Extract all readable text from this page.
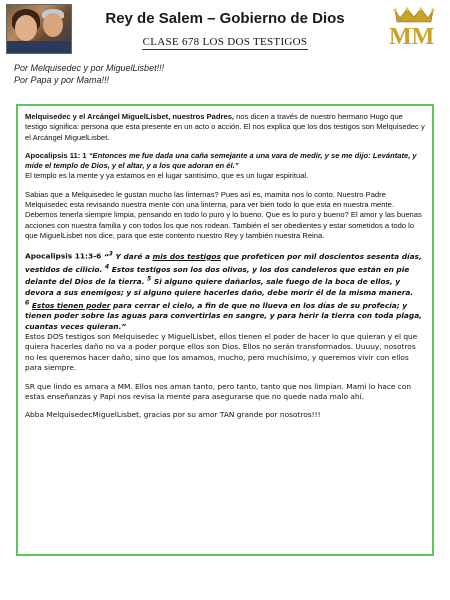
Rey de Salem – Gobierno de Dios
CLASE 678 LOS DOS TESTIGOS	MM
Por Melquisedec y por MiguelLisbet!!!
Por Papa y por Mama!!!

Melquisedec y el Arcángel MiguelLisbet, nuestros Padres, nos dicen a través de nuestro hermano Hugo que testigo significa: persona que esta presente en un acto o acción. El nos explica que los dos testigos son Melquisedec y el Arcángel MiguelLisbet.

Apocalipsis 11: 1 “Entonces me fue dada una caña semejante a una vara de medir, y se me dijo: Levántate, y mide el templo de Dios, y el altar, y a los que adoran en él.”
El templo es la mente y ya estamos en el lugar santísimo, que es un lugar espiritual.

Sabias que a Melquisedec le gustan mucho las linternas? Pues así es, mamita nos lo conto. Nuestro Padre Melquisedec esta revisando nuestra mente con una linterna, para ver bien todo lo que esta en nuestra mente. Debemos tenerla siempre limpia, pensando en todo lo puro y lo bueno. Que es lo puro y bueno? El amor y las buenas acciones con nuestra familia y con todos los que nos rodean. También el ser obedientes y estar sometidos a todo lo que MiguelLisbet nos dice, para que este contento nuestro Rey y también nuestra Reina.

Apocalipsis 11:3-6 “$^3$ Y daré a mis dos testigos que profeticen por mil doscientos sesenta días, vestidos de cilicio. $^4$ Estos testigos son los dos olivos, y los dos candeleros que están en pie delante del Dios de la tierra. $^5$ Si alguno quiere dañarlos, sale fuego de la boca de ellos, y devora a sus enemigos; y si alguno quiere hacerles daño, debe morir él de la misma manera.
$^6$ Estos tienen poder para cerrar el cielo, a fin de que no llueva en los días de su profecía; y tienen poder sobre las aguas para convertirlas en sangre, y para herir la tierra con toda plaga, cuantas veces quieran.”

Estos DOS testigos son Melquisedec y MiguelLisbet, ellos tienen el poder de hacer lo que quieran y el que quiera hacerles daño no va a poder porque ellos son Dios. Ellos no serán transformados. Uuuuy, nosotros no les queremos hacer daño, sino que los amamos, mucho, pero muchísimo, y queremos vivir con ellos para siempre.

SR que lindo es amara a MM. Ellos nos aman tanto, pero tanto, tanto que nos limpian. Mami lo hace con estas enseñanzas y Papi nos revisa la mente para asegurarse que no quede nada malo ahí.

Abba MelquisedecMiguelLisbet, gracias por su amor TAN grande por nosotros!!!
